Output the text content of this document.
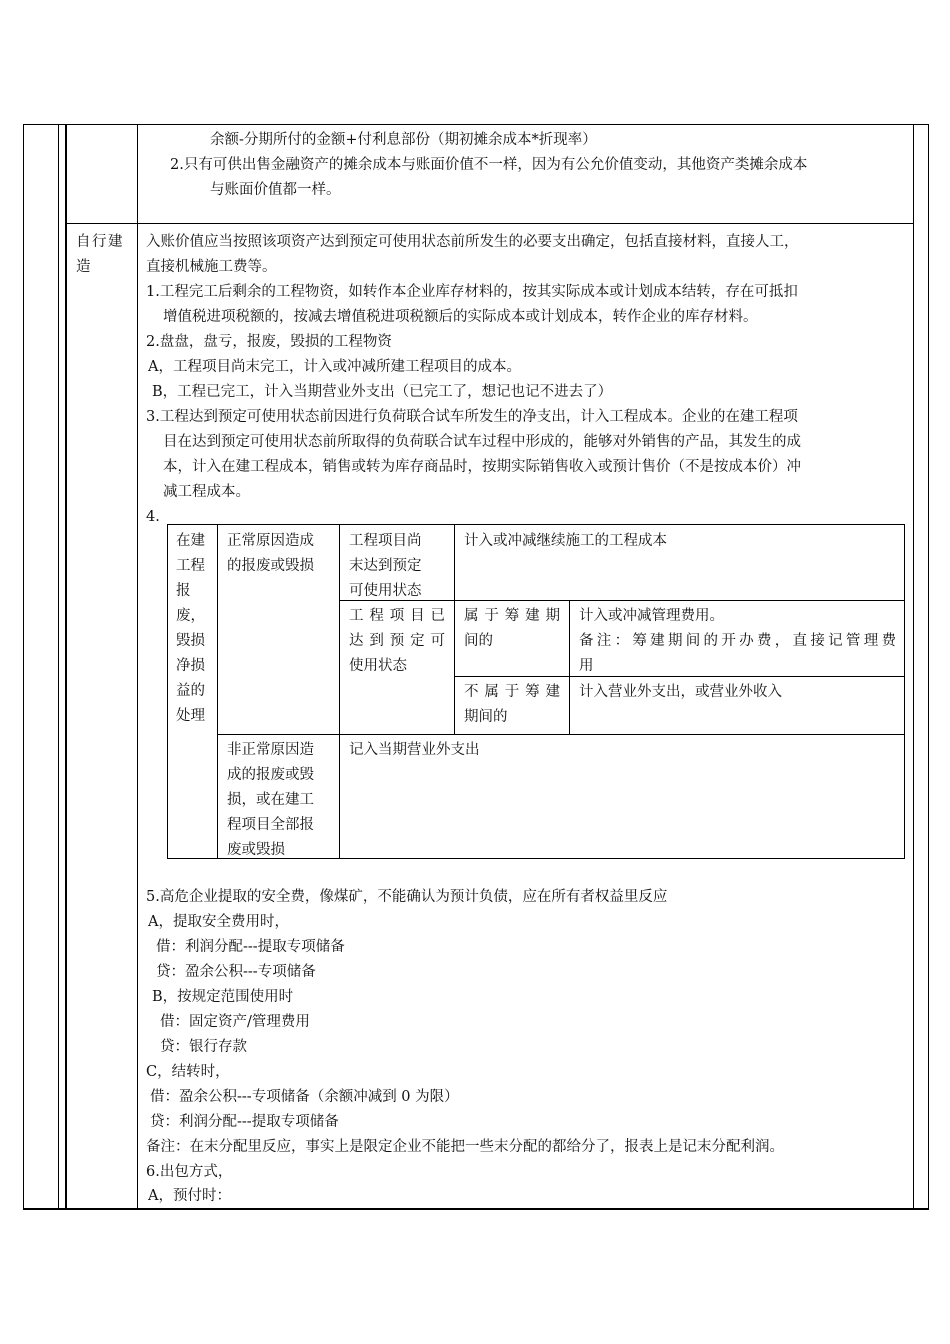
余额-分期所付的金额+付利息部份（期初摊余成本*折现率）
2.只有可供出售金融资产的摊余成本与账面价值不一样，因为有公允价值变动，其他资产类摊余成本
与账面价值都一样。
自行建
造
入账价值应当按照该项资产达到预定可使用状态前所发生的必要支出确定，包括直接材料，直接人工，
直接机械施工费等。
1.工程完工后剩余的工程物资，如转作本企业库存材料的，按其实际成本或计划成本结转，存在可抵扣
增值税进项税额的，按减去增值税进项税额后的实际成本或计划成本，转作企业的库存材料。
2.盘盘，盘亏，报废，毁损的工程物资
A，工程项目尚末完工，计入或冲减所建工程项目的成本。
B，工程已完工，计入当期营业外支出（已完工了，想记也记不进去了）
3.工程达到预定可使用状态前因进行负荷联合试车所发生的净支出，计入工程成本。企业的在建工程项
目在达到预定可使用状态前所取得的负荷联合试车过程中形成的，能够对外销售的产品，其发生的成
本，计入在建工程成本，销售或转为库存商品时，按期实际销售收入或预计售价（不是按成本价）冲
减工程成本。
4.
在建
工程
报
废，
毁损
净损
益的
处理
正常原因造成
的报废或毁损
工程项目尚
末达到预定
可使用状态
计入或冲减继续施工的工程成本
工程项目已
达到预定可
使用状态
属于筹建期
间的
计入或冲减管理费用。
备注：筹建期间的开办费，直接记管理费
用
不属于筹建
期间的
计入营业外支出，或营业外收入
非正常原因造
成的报废或毁
损，或在建工
程项目全部报
废或毁损
记入当期营业外支出
5.高危企业提取的安全费，像煤矿，不能确认为预计负债，应在所有者权益里反应
A，提取安全费用时，
借：利润分配---提取专项储备
贷：盈余公积---专项储备
B，按规定范围使用时
借：固定资产/管理费用
贷：银行存款
C，结转时，
借：盈余公积---专项储备（余额冲减到 0 为限）
贷：利润分配---提取专项储备
备注：在末分配里反应，事实上是限定企业不能把一些末分配的都给分了，报表上是记末分配利润。
6.出包方式，
A，预付时：
